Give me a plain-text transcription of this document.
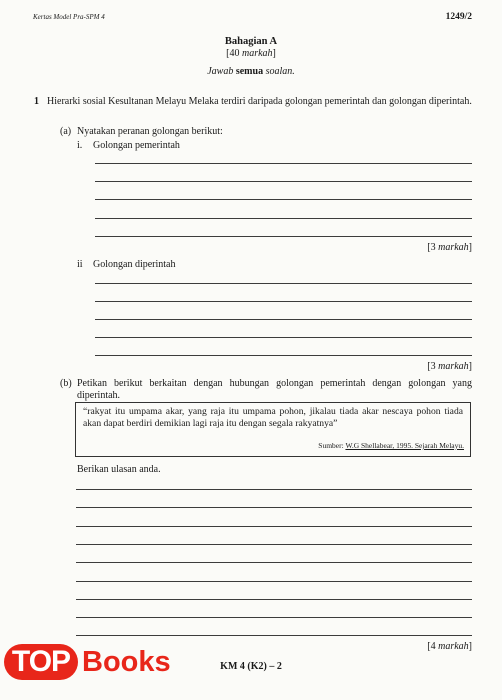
Kertas Model Pra-SPM 4	1249/2
Bahagian A
[40 markah]
Jawab semua soalan.
1 Hierarki sosial Kesultanan Melayu Melaka terdiri daripada golongan pemerintah dan golongan diperintah.
(a) Nyatakan peranan golongan berikut:
i. Golongan pemerintah
[3 markah]
ii Golongan diperintah
[3 markah]
(b) Petikan berikut berkaitan dengan hubungan golongan pemerintah dengan golongan yang diperintah.
“rakyat itu umpama akar, yang raja itu umpama pohon, jikalau tiada akar nescaya pohon tiada akan dapat berdiri demikian lagi raja itu dengan segala rakyatnya”
Sumber: W.G Shellabear, 1995. Sejarah Melayu.
Berikan ulasan anda.
[4 markah]
KM 4 (K2) – 2
TOP Books
